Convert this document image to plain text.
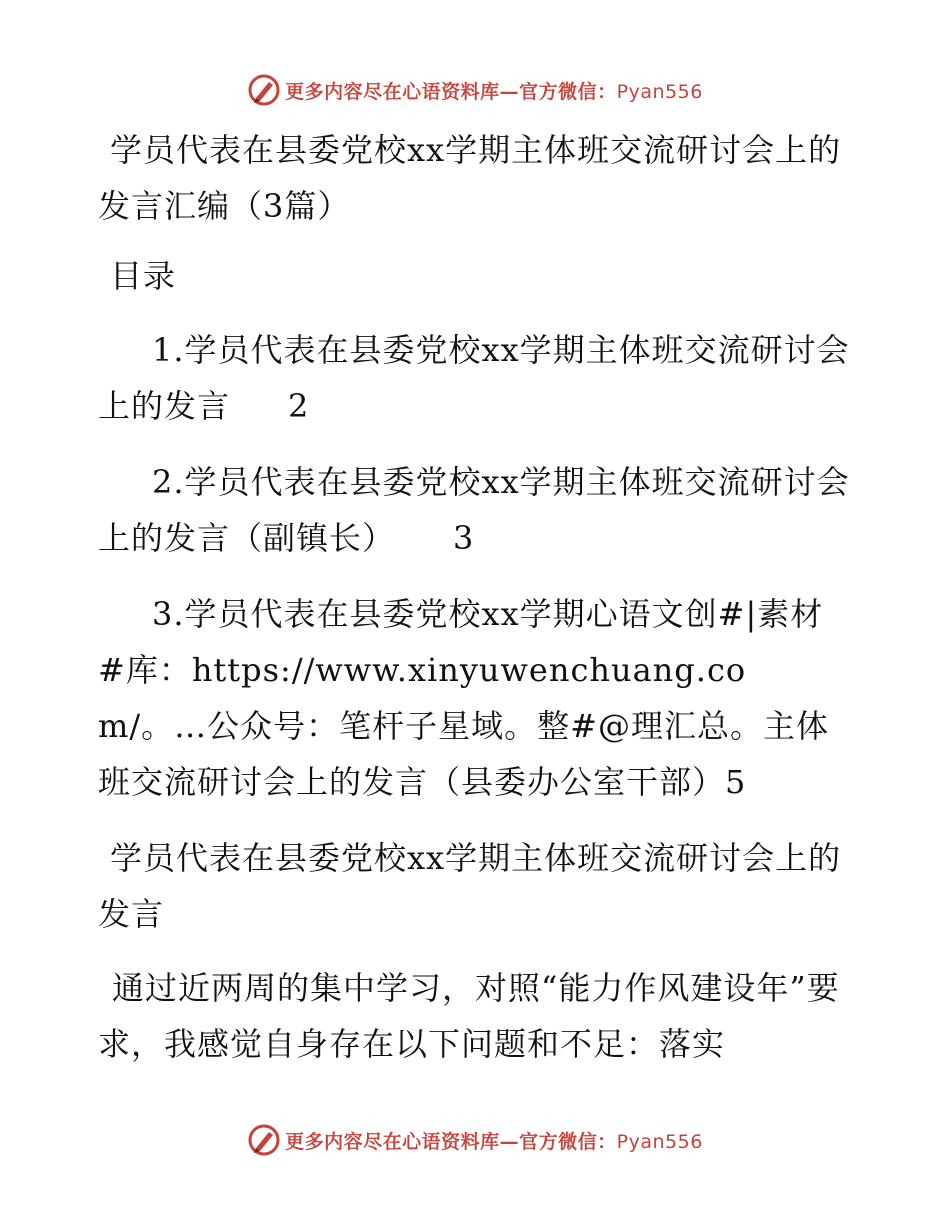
更多内容尽在心语资料库—官方微信：Pyan556

学员代表在县委党校xx学期主体班交流研讨会上的发言汇编（3篇）

目录

1.学员代表在县委党校xx学期主体班交流研讨会上的发言 2

2.学员代表在县委党校xx学期主体班交流研讨会上的发言（副镇长） 3

3.学员代表在县委党校xx学期心语文创#|素材#库：https://www.xinyuwenchuang.com/。…公众号：笔杆子星域。整#@理汇总。主体班交流研讨会上的发言（县委办公室干部）5

学员代表在县委党校xx学期主体班交流研讨会上的发言

通过近两周的集中学习，对照“能力作风建设年”要求，我感觉自身存在以下问题和不足：落实

更多内容尽在心语资料库—官方微信：Pyan556
